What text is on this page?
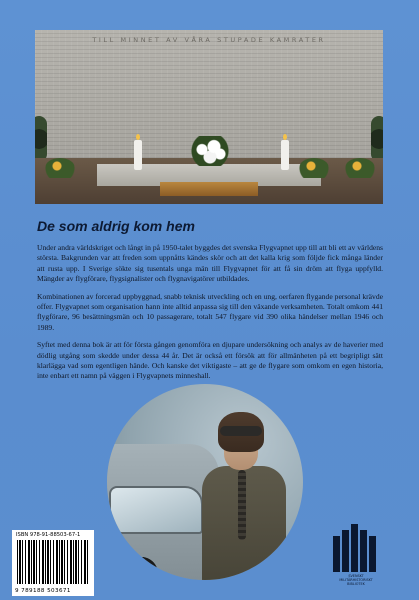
TILL MINNET AV VÅRA STUPADE KAMRATER
De som aldrig kom hem

Under andra världskriget och långt in på 1950-talet byggdes det svenska Flygvapnet upp till att bli ett av världens största. Bakgrunden var att freden som uppnåtts kändes skör och att det kalla krig som följde fick många länder att rusta upp. I Sverige sökte sig tusentals unga män till Flygvapnet för att få sin dröm att flyga uppfylld. Mängder av flygförare, flygsignalister och flygnavigatörer utbildades.

Kombinationen av forcerad uppbyggnad, snabb teknisk utveckling och en ung, oerfaren flygande personal krävde offer. Flygvapnet som organisation hann inte alltid anpassa sig till den växande verksamheten. Totalt omkom 441 flygförare, 96 besättningsmän och 10 passagerare, totalt 547 flygare vid 390 olika händelser mellan 1946 och 1989.

Syftet med denna bok är att för första gången genomföra en djupare undersökning och analys av de haverier med dödlig utgång som skedde under dessa 44 år. Det är också ett försök att för allmänheten på ett begripligt sätt klarlägga vad som egentligen hände. Och kanske det viktigaste – att ge de flygare som omkom en egen historia, inte enbart ett namn på väggen i Flygvapnets minneshall.

ISBN 978-91-88503-67-1
9 789188 503671
SVENSKT MILITÄRHISTORISKT BIBLIOTEK
